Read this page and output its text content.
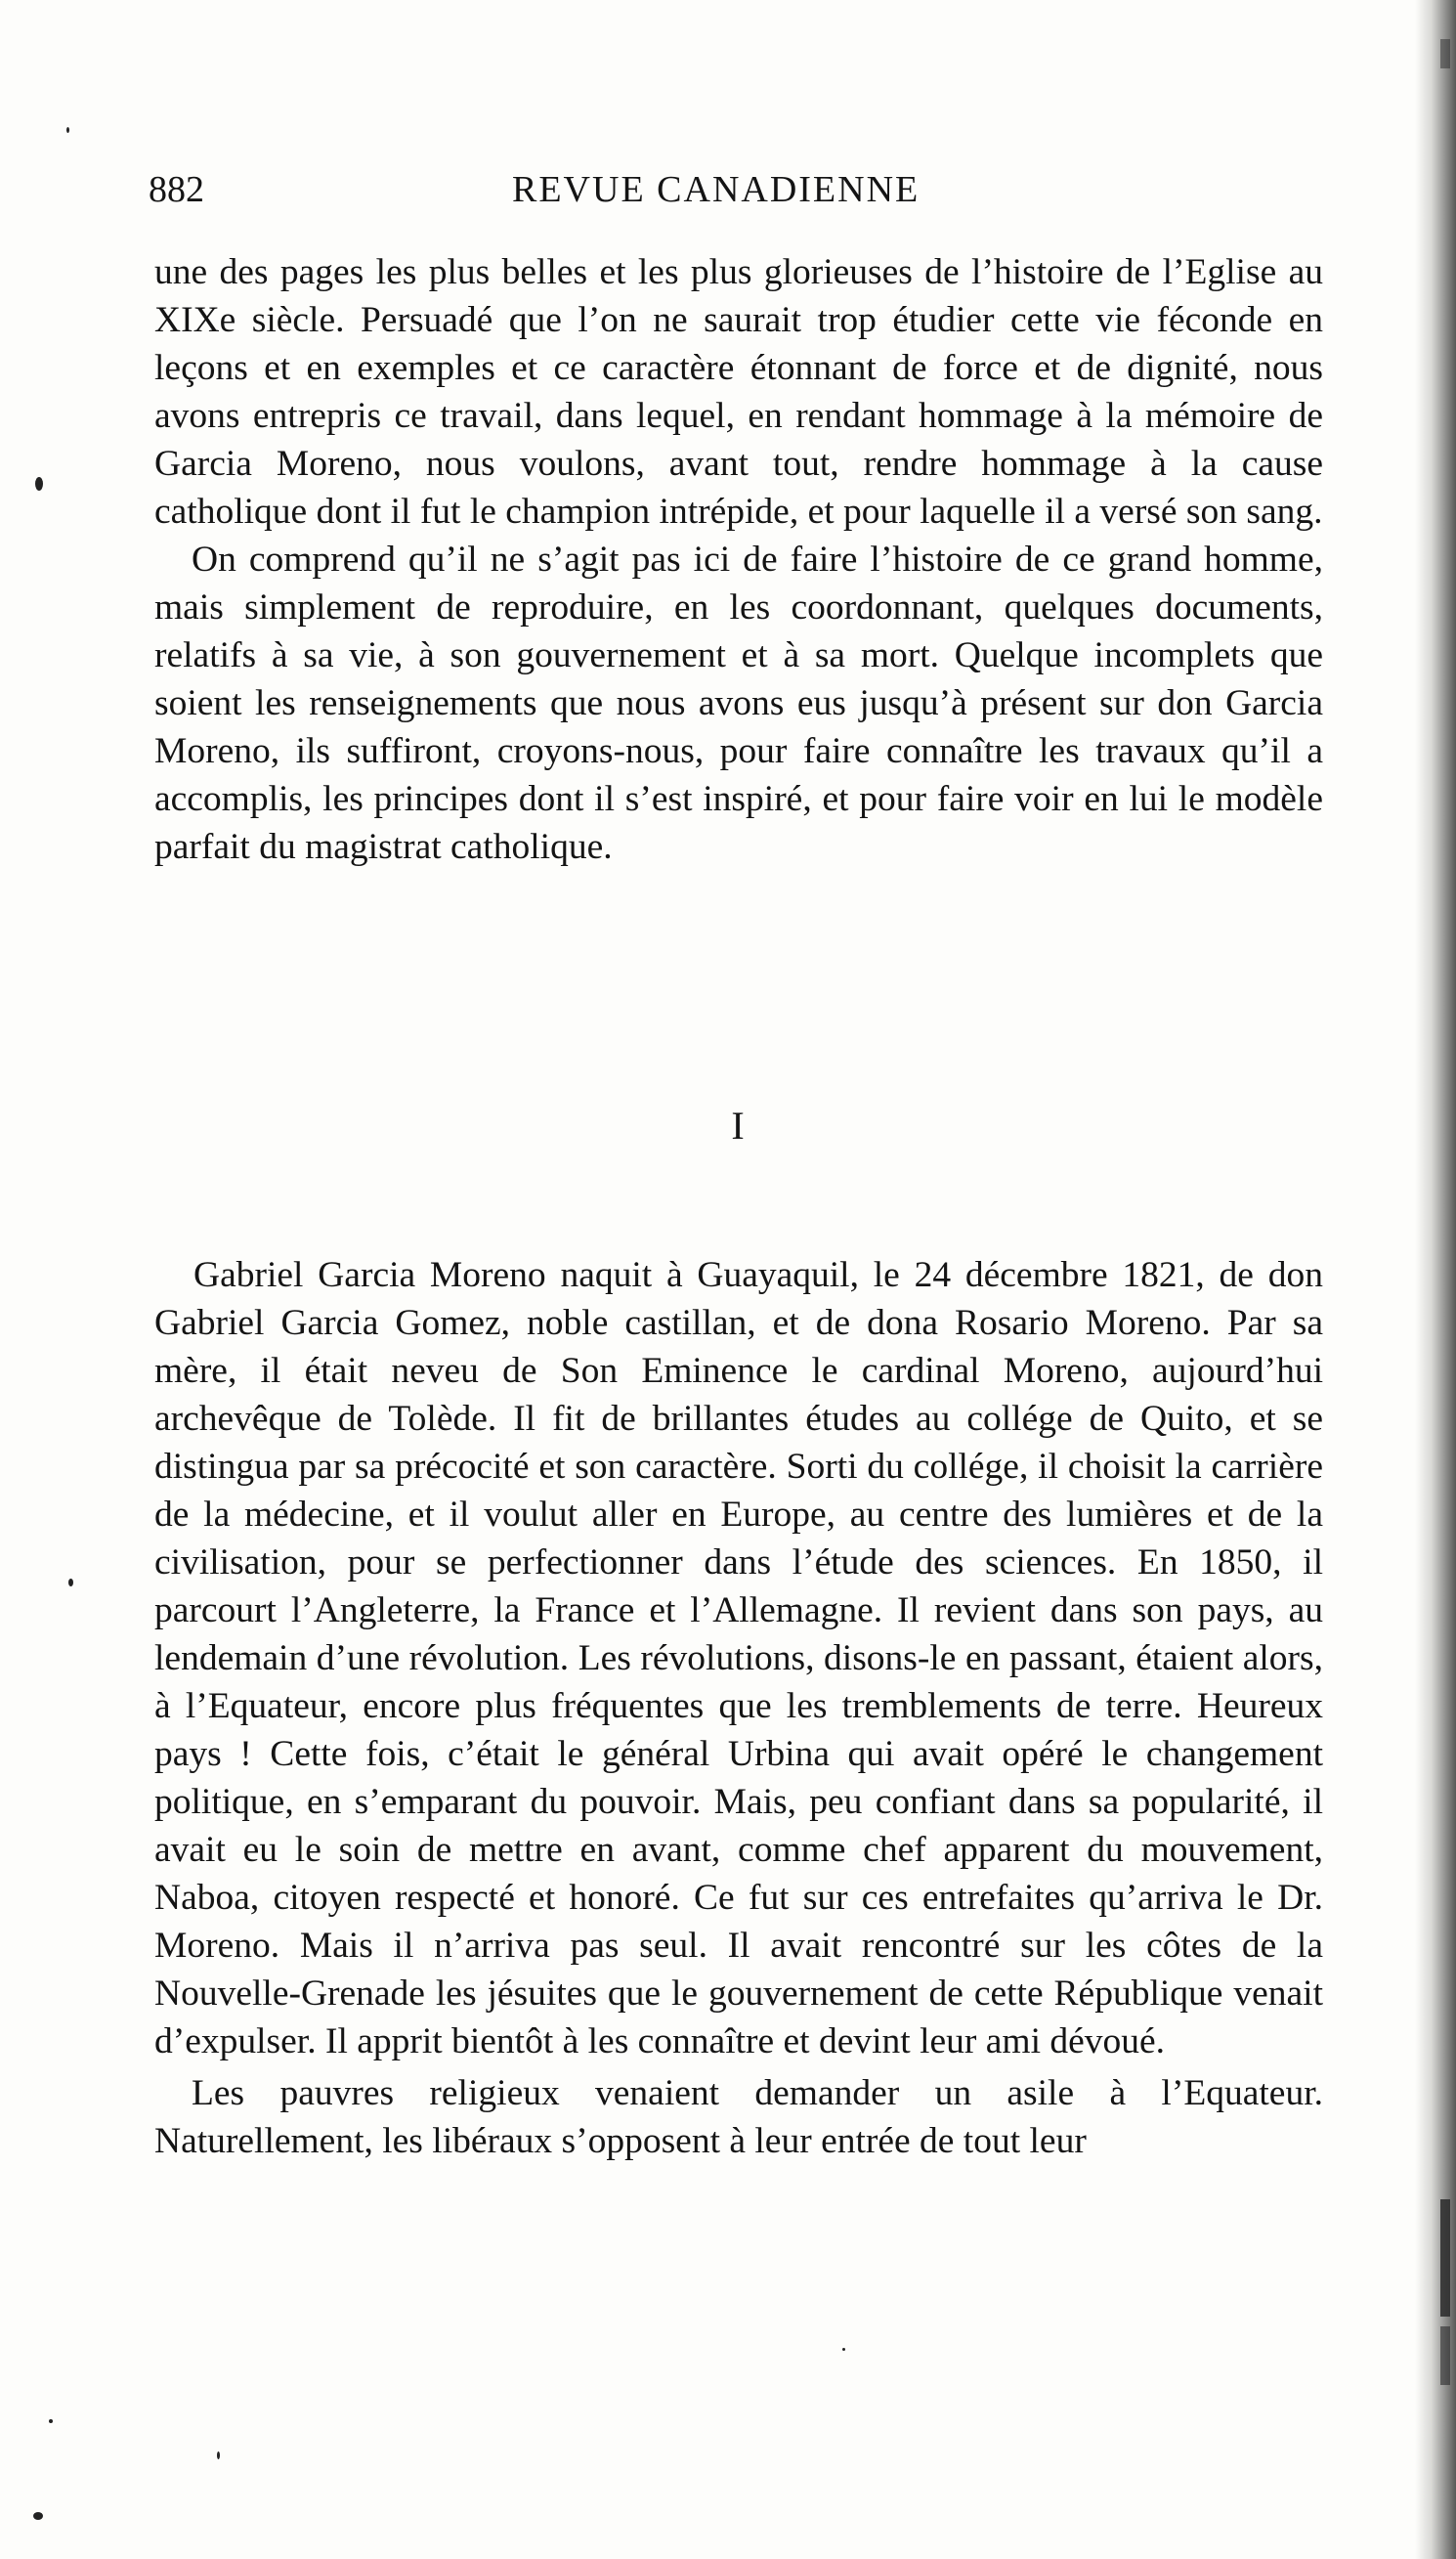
882	REVUE CANADIENNE

une des pages les plus belles et les plus glorieuses de l’histoire de l’Eglise au XIXe siècle. Persuadé que l’on ne saurait trop étudier cette vie féconde en leçons et en exemples et ce caractère étonnant de force et de dignité, nous avons entrepris ce travail, dans lequel, en rendant hommage à la mémoire de Garcia Moreno, nous voulons, avant tout, rendre hommage à la cause catholique dont il fut le champion intrépide, et pour laquelle il a versé son sang.

On comprend qu’il ne s’agit pas ici de faire l’histoire de ce grand homme, mais simplement de reproduire, en les coordonnant, quelques documents, relatifs à sa vie, à son gouvernement et à sa mort. Quelque incomplets que soient les renseignements que nous avons eus jusqu’à présent sur don Garcia Moreno, ils suffiront, croyons-nous, pour faire connaître les travaux qu’il a accomplis, les principes dont il s’est inspiré, et pour faire voir en lui le modèle parfait du magistrat catholique.

I

Gabriel Garcia Moreno naquit à Guayaquil, le 24 décembre 1821, de don Gabriel Garcia Gomez, noble castillan, et de dona Rosario Moreno. Par sa mère, il était neveu de Son Eminence le cardinal Moreno, aujourd’hui archevêque de Tolède. Il fit de brillantes études au collége de Quito, et se distingua par sa précocité et son caractère. Sorti du collége, il choisit la carrière de la médecine, et il voulut aller en Europe, au centre des lumières et de la civilisation, pour se perfectionner dans l’étude des sciences. En 1850, il parcourt l’Angleterre, la France et l’Allemagne. Il revient dans son pays, au lendemain d’une révolution. Les révolutions, disons-le en passant, étaient alors, à l’Equateur, encore plus fréquentes que les tremblements de terre. Heureux pays ! Cette fois, c’était le général Urbina qui avait opéré le changement politique, en s’emparant du pouvoir. Mais, peu confiant dans sa popularité, il avait eu le soin de mettre en avant, comme chef apparent du mouvement, Naboa, citoyen respecté et honoré. Ce fut sur ces entrefaites qu’arriva le Dr. Moreno. Mais il n’arriva pas seul. Il avait rencontré sur les côtes de la Nouvelle-Grenade les jésuites que le gouvernement de cette République venait d’expulser. Il apprit bientôt à les connaître et devint leur ami dévoué.

Les pauvres religieux venaient demander un asile à l’Equateur. Naturellement, les libéraux s’opposent à leur entrée de tout leur
